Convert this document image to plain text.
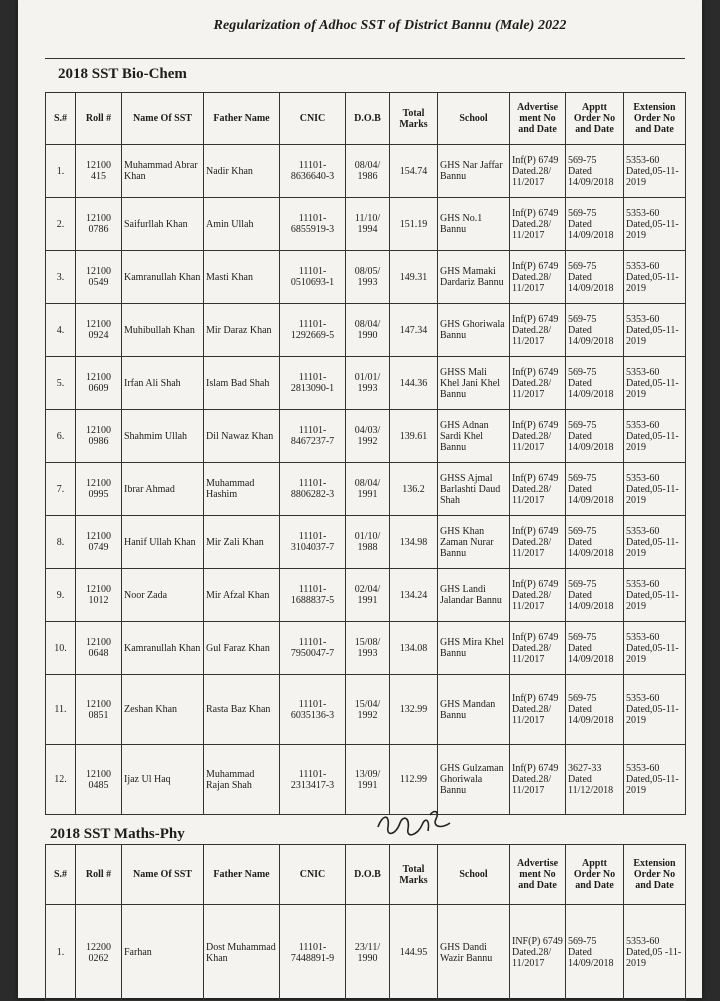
Regularization of Adhoc SST of District Bannu (Male) 2022
2018 SST Bio-Chem
S.#	Roll #	Name Of SST	Father Name	CNIC	D.O.B	Total Marks	School	Advertise ment No and Date	Apptt Order No and Date	Extension Order No and Date
1.	12100 415	Muhammad Abrar Khan	Nadir Khan	11101-8636640-3	08/04/ 1986	154.74	GHS Nar Jaffar Bannu	Inf(P) 6749 Dated.28/ 11/2017	569-75 Dated 14/09/2018	5353-60 Dated,05-11-2019
2.	12100 0786	Saifurllah Khan	Amin Ullah	11101-6855919-3	11/10/ 1994	151.19	GHS No.1 Bannu	Inf(P) 6749 Dated.28/ 11/2017	569-75 Dated 14/09/2018	5353-60 Dated,05-11-2019
3.	12100 0549	Kamranullah Khan	Masti Khan	11101-0510693-1	08/05/ 1993	149.31	GHS Mamaki Dardariz Bannu	Inf(P) 6749 Dated.28/ 11/2017	569-75 Dated 14/09/2018	5353-60 Dated,05-11-2019
4.	12100 0924	Muhibullah Khan	Mir Daraz Khan	11101-1292669-5	08/04/ 1990	147.34	GHS Ghoriwala Bannu	Inf(P) 6749 Dated.28/ 11/2017	569-75 Dated 14/09/2018	5353-60 Dated,05-11-2019
5.	12100 0609	Irfan Ali Shah	Islam Bad Shah	11101-2813090-1	01/01/ 1993	144.36	GHSS Mali Khel Jani Khel Bannu	Inf(P) 6749 Dated.28/ 11/2017	569-75 Dated 14/09/2018	5353-60 Dated,05-11-2019
6.	12100 0986	Shahmim Ullah	Dil Nawaz Khan	11101-8467237-7	04/03/ 1992	139.61	GHS Adnan Sardi Khel Bannu	Inf(P) 6749 Dated.28/ 11/2017	569-75 Dated 14/09/2018	5353-60 Dated,05-11-2019
7.	12100 0995	Ibrar Ahmad	Muhammad Hashim	11101-8806282-3	08/04/ 1991	136.2	GHSS Ajmal Barlashti Daud Shah	Inf(P) 6749 Dated.28/ 11/2017	569-75 Dated 14/09/2018	5353-60 Dated,05-11-2019
8.	12100 0749	Hanif Ullah Khan	Mir Zali Khan	11101-3104037-7	01/10/ 1988	134.98	GHS Khan Zaman Nurar Bannu	Inf(P) 6749 Dated.28/ 11/2017	569-75 Dated 14/09/2018	5353-60 Dated,05-11-2019
9.	12100 1012	Noor Zada	Mir Afzal Khan	11101-1688837-5	02/04/ 1991	134.24	GHS Landi Jalandar Bannu	Inf(P) 6749 Dated.28/ 11/2017	569-75 Dated 14/09/2018	5353-60 Dated,05-11-2019
10.	12100 0648	Kamranullah Khan	Gul Faraz Khan	11101-7950047-7	15/08/ 1993	134.08	GHS Mira Khel Bannu	Inf(P) 6749 Dated.28/ 11/2017	569-75 Dated 14/09/2018	5353-60 Dated,05-11-2019
11.	12100 0851	Zeshan Khan	Rasta Baz Khan	11101-6035136-3	15/04/ 1992	132.99	GHS Mandan Bannu	Inf(P) 6749 Dated.28/ 11/2017	569-75 Dated 14/09/2018	5353-60 Dated,05-11-2019
12.	12100 0485	Ijaz Ul Haq	Muhammad Rajan Shah	11101-2313417-3	13/09/ 1991	112.99	GHS Gulzaman Ghoriwala Bannu	Inf(P) 6749 Dated.28/ 11/2017	3627-33 Dated 11/12/2018	5353-60 Dated,05-11-2019
2018 SST Maths-Phy
S.#	Roll #	Name Of SST	Father Name	CNIC	D.O.B	Total Marks	School	Advertise ment No and Date	Apptt Order No and Date	Extension Order No and Date
1.	12200 0262	Farhan	Dost Muhammad Khan	11101-7448891-9	23/11/ 1990	144.95	GHS Dandi Wazir Bannu	INF(P) 6749 Dated.28/ 11/2017	569-75 Dated 14/09/2018	5353-60 Dated,05 -11-2019
